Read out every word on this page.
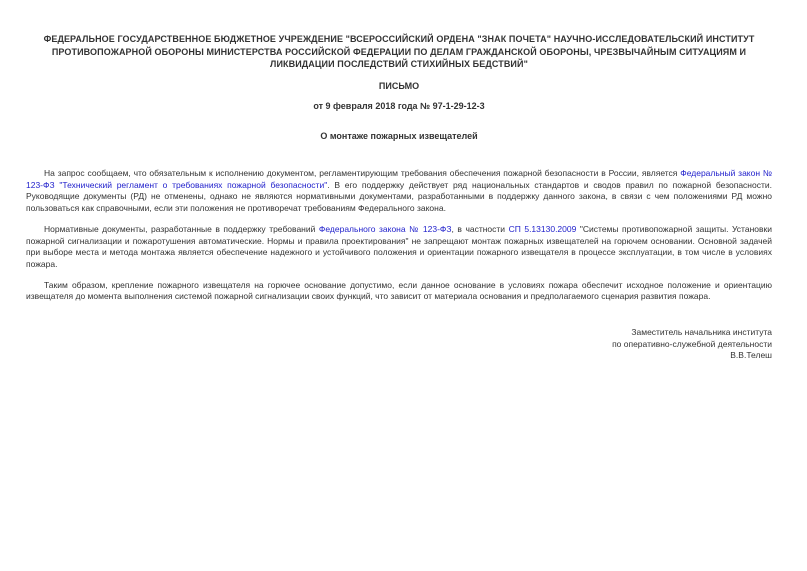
ФЕДЕРАЛЬНОЕ ГОСУДАРСТВЕННОЕ БЮДЖЕТНОЕ УЧРЕЖДЕНИЕ "ВСЕРОССИЙСКИЙ ОРДЕНА "ЗНАК ПОЧЕТА" НАУЧНО-ИССЛЕДОВАТЕЛЬСКИЙ ИНСТИТУТ ПРОТИВОПОЖАРНОЙ ОБОРОНЫ МИНИСТЕРСТВА РОССИЙСКОЙ ФЕДЕРАЦИИ ПО ДЕЛАМ ГРАЖДАНСКОЙ ОБОРОНЫ, ЧРЕЗВЫЧАЙНЫМ СИТУАЦИЯМ И ЛИКВИДАЦИИ ПОСЛЕДСТВИЙ СТИХИЙНЫХ БЕДСТВИЙ"
ПИСЬМО
от 9 февраля 2018 года № 97-1-29-12-3
О монтаже пожарных извещателей

На запрос сообщаем, что обязательным к исполнению документом, регламентирующим требования обеспечения пожарной безопасности в России, является Федеральный закон № 123-ФЗ "Технический регламент о требованиях пожарной безопасности". В его поддержку действует ряд национальных стандартов и сводов правил по пожарной безопасности. Руководящие документы (РД) не отменены, однако не являются нормативными документами, разработанными в поддержку данного закона, в связи с чем положениями РД можно пользоваться как справочными, если эти положения не противоречат требованиям Федерального закона.

Нормативные документы, разработанные в поддержку требований Федерального закона № 123-ФЗ, в частности СП 5.13130.2009 "Системы противопожарной защиты. Установки пожарной сигнализации и пожаротушения автоматические. Нормы и правила проектирования" не запрещают монтаж пожарных извещателей на горючем основании. Основной задачей при выборе места и метода монтажа является обеспечение надежного и устойчивого положения и ориентации пожарного извещателя в процессе эксплуатации, в том числе в условиях пожара.

Таким образом, крепление пожарного извещателя на горючее основание допустимо, если данное основание в условиях пожара обеспечит исходное положение и ориентацию извещателя до момента выполнения системой пожарной сигнализации своих функций, что зависит от материала основания и предполагаемого сценария развития пожара.

Заместитель начальника института
по оперативно-служебной деятельности
В.В.Телеш
